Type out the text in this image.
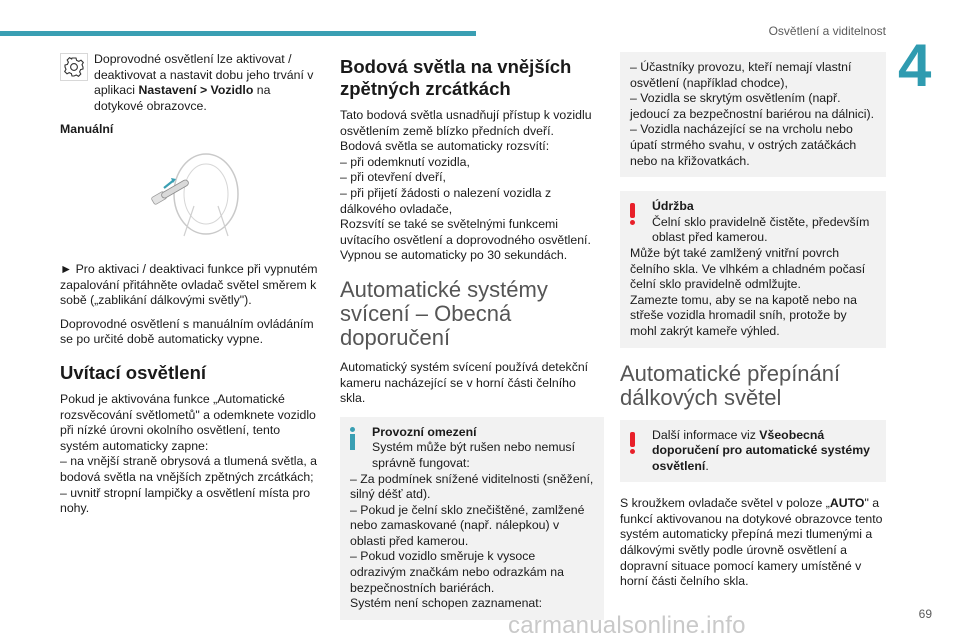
Osvětlení a viditelnost
4

Doprovodné osvětlení lze aktivovat / deaktivovat a nastavit dobu jeho trvání v aplikaci Nastavení > Vozidlo na dotykové obrazovce.

Manuální

► Pro aktivaci / deaktivaci funkce při vypnutém zapalování přitáhněte ovladač světel směrem k sobě („zablikání dálkovými světly").

Doprovodné osvětlení s manuálním ovládáním se po určité době automaticky vypne.

Uvítací osvětlení

Pokud je aktivována funkce „Automatické rozsvěcování světlometů" a odemknete vozidlo při nízké úrovni okolního osvětlení, tento systém automaticky zapne:

– na vnější straně obrysová a tlumená světla, a bodová světla na vnějších zpětných zrcátkách;

– uvnitř stropní lampičky a osvětlení místa pro nohy.

Bodová světla na vnějších zpětných zrcátkách

Tato bodová světla usnadňují přístup k vozidlu osvětlením země blízko předních dveří.

Bodová světla se automaticky rozsvítí:

– při odemknutí vozidla,

– při otevření dveří,

– při přijetí žádosti o nalezení vozidla z dálkového ovladače,

Rozsvítí se také se světelnými funkcemi uvítacího osvětlení a doprovodného osvětlení.

Vypnou se automaticky po 30 sekundách.

Automatické systémy svícení – Obecná doporučení

Automatický systém svícení používá detekční kameru nacházející se v horní části čelního skla.

Provozní omezení

Systém může být rušen nebo nemusí správně fungovat:

– Za podmínek snížené viditelnosti (sněžení, silný déšť atd).

– Pokud je čelní sklo znečištěné, zamlžené nebo zamaskované (např. nálepkou) v oblasti před kamerou.

– Pokud vozidlo směruje k vysoce odrazivým značkám nebo odrazkám na bezpečnostních bariérách.

Systém není schopen zaznamenat:

– Účastníky provozu, kteří nemají vlastní osvětlení (například chodce),

– Vozidla se skrytým osvětlením (např. jedoucí za bezpečnostní bariérou na dálnici).

– Vozidla nacházející se na vrcholu nebo úpatí strmého svahu, v ostrých zatáčkách nebo na křižovatkách.

Údržba

Čelní sklo pravidelně čistěte, především oblast před kamerou.

Může být také zamlžený vnitřní povrch čelního skla. Ve vlhkém a chladném počasí čelní sklo pravidelně odmlžujte.

Zamezte tomu, aby se na kapotě nebo na střeše vozidla hromadil sníh, protože by mohl zakrýt kameře výhled.

Automatické přepínání dálkových světel

Další informace viz Všeobecná doporučení pro automatické systémy osvětlení.

S kroužkem ovladače světel v poloze „AUTO" a funkcí aktivovanou na dotykové obrazovce tento systém automaticky přepíná mezi tlumenými a dálkovými světly podle úrovně osvětlení a dopravní situace pomocí kamery umístěné v horní části čelního skla.

69
carmanualsonline.info
